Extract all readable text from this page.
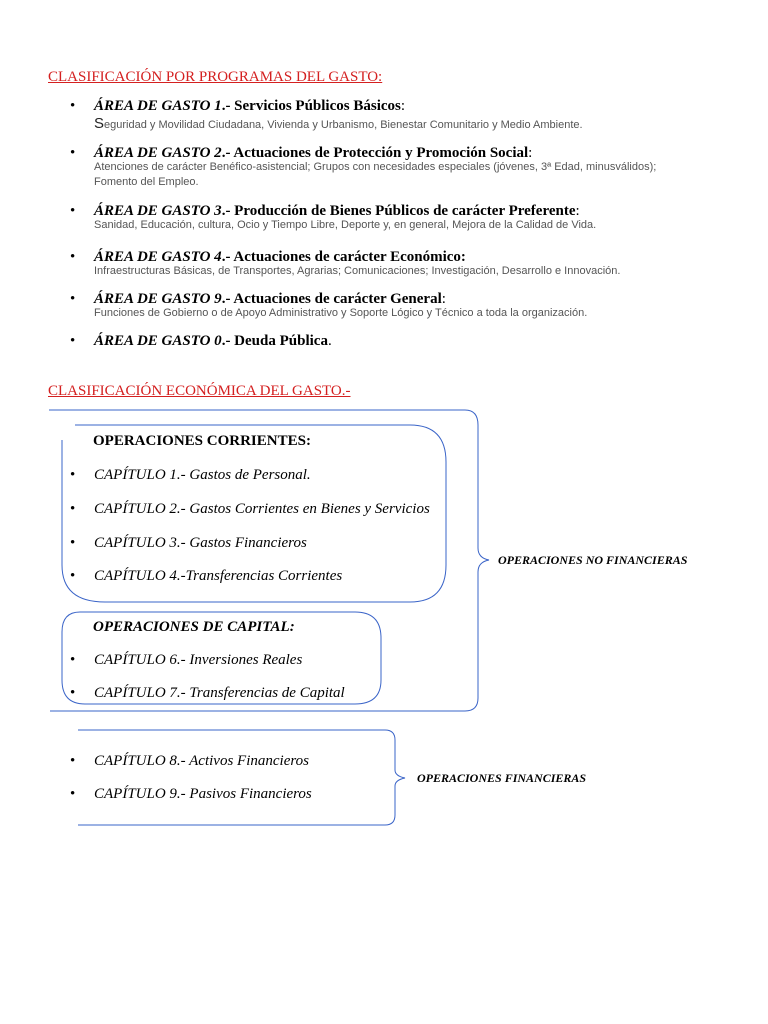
CLASIFICACIÓN POR PROGRAMAS DEL GASTO:
• ÁREA DE GASTO 1.- Servicios Públicos Básicos:
Seguridad y Movilidad Ciudadana, Vivienda y Urbanismo, Bienestar Comunitario y Medio Ambiente.
• ÁREA DE GASTO 2.- Actuaciones de Protección y Promoción Social:
Atenciones de carácter Benéfico-asistencial; Grupos con necesidades especiales (jóvenes, 3ª Edad, minusválidos); Fomento del Empleo.
• ÁREA DE GASTO 3.- Producción de Bienes Públicos de carácter Preferente:
Sanidad, Educación, cultura, Ocio y Tiempo Libre, Deporte y, en general, Mejora de la Calidad de Vida.
• ÁREA DE GASTO 4.- Actuaciones de carácter Económico:
Infraestructuras Básicas, de Transportes, Agrarias; Comunicaciones; Investigación, Desarrollo e Innovación.
• ÁREA DE GASTO 9.- Actuaciones de carácter General:
Funciones de Gobierno o de Apoyo Administrativo y Soporte Lógico y Técnico a toda la organización.
• ÁREA DE GASTO 0.- Deuda Pública.
CLASIFICACIÓN ECONÓMICA DEL GASTO.-
OPERACIONES CORRIENTES:
• CAPÍTULO 1.- Gastos de Personal.
• CAPÍTULO 2.- Gastos Corrientes en Bienes y Servicios
• CAPÍTULO 3.- Gastos Financieros
• CAPÍTULO 4.-Transferencias Corrientes
OPERACIONES DE CAPITAL:
• CAPÍTULO 6.- Inversiones Reales
• CAPÍTULO 7.- Transferencias de Capital
OPERACIONES NO FINANCIERAS
• CAPÍTULO 8.- Activos Financieros
• CAPÍTULO 9.- Pasivos Financieros
OPERACIONES FINANCIERAS
